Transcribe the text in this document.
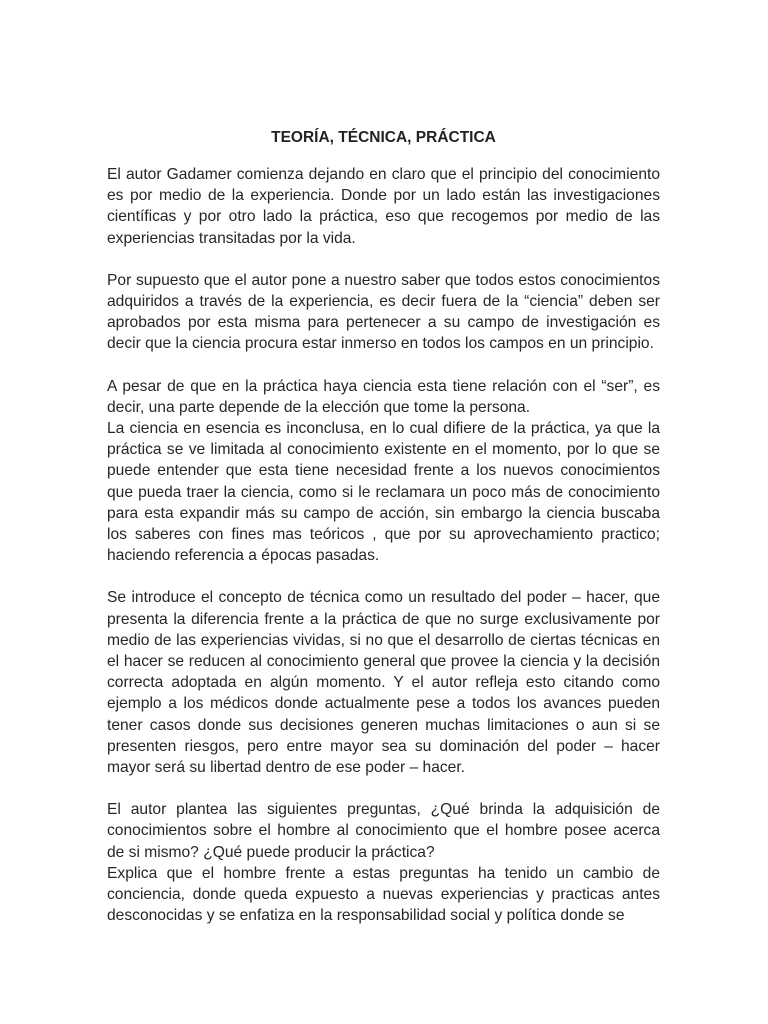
TEORÍA, TÉCNICA, PRÁCTICA

El autor Gadamer comienza dejando en claro que el principio del conocimiento es por medio de la experiencia. Donde por un lado están las investigaciones científicas y por otro lado la práctica, eso que recogemos por medio de las experiencias transitadas por la vida.

Por supuesto que el autor pone a nuestro saber que todos estos conocimientos adquiridos a través de la experiencia, es decir fuera de la “ciencia” deben ser aprobados por esta misma para pertenecer a su campo de investigación es decir que la ciencia procura estar inmerso en todos los campos en un principio.

A pesar de que en la práctica haya ciencia esta tiene relación con el “ser”, es decir, una parte depende de la elección que tome la persona.

La ciencia en esencia es inconclusa, en lo cual difiere de la práctica, ya que la práctica se ve limitada al conocimiento existente en el momento, por lo que se puede entender que esta tiene necesidad frente a los nuevos conocimientos que pueda traer la ciencia, como si le reclamara un poco más de conocimiento para esta expandir más su campo de acción, sin embargo la ciencia buscaba los saberes con fines mas teóricos , que por su aprovechamiento practico; haciendo referencia a épocas pasadas.

Se introduce el concepto de técnica como un resultado del poder – hacer, que presenta la diferencia frente a la práctica de que no surge exclusivamente por medio de las experiencias vividas, si no que el desarrollo de ciertas técnicas en el hacer se reducen al conocimiento general que provee la ciencia y la decisión correcta adoptada en algún momento. Y el autor refleja esto citando como ejemplo a los médicos donde actualmente pese a todos los avances pueden tener casos donde sus decisiones generen muchas limitaciones o aun si se presenten riesgos, pero entre mayor sea su dominación del poder – hacer mayor será su libertad dentro de ese poder – hacer.

El autor plantea las siguientes preguntas, ¿Qué brinda la adquisición de conocimientos sobre el hombre al conocimiento que el hombre posee acerca de si mismo? ¿Qué puede producir la práctica?

Explica que el hombre frente a estas preguntas ha tenido un cambio de conciencia, donde queda expuesto a nuevas experiencias y practicas antes desconocidas y se enfatiza en la responsabilidad social y política donde se
